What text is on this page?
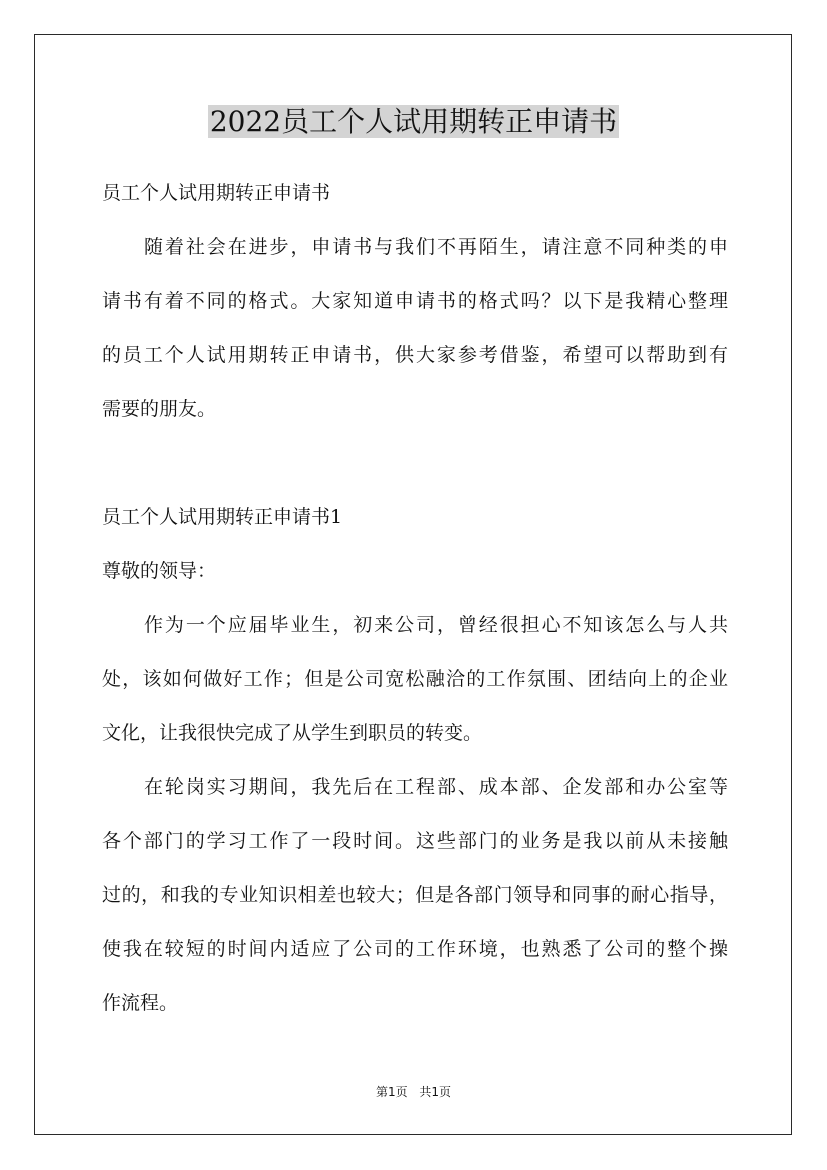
2022员工个人试用期转正申请书
员工个人试用期转正申请书
随着社会在进步，申请书与我们不再陌生，请注意不同种类的申
请书有着不同的格式。大家知道申请书的格式吗？以下是我精心整理
的员工个人试用期转正申请书，供大家参考借鉴，希望可以帮助到有
需要的朋友。
员工个人试用期转正申请书1
尊敬的领导：
作为一个应届毕业生，初来公司，曾经很担心不知该怎么与人共
处，该如何做好工作；但是公司宽松融洽的工作氛围、团结向上的企业
文化，让我很快完成了从学生到职员的转变。
在轮岗实习期间，我先后在工程部、成本部、企发部和办公室等
各个部门的学习工作了一段时间。这些部门的业务是我以前从未接触
过的，和我的专业知识相差也较大；但是各部门领导和同事的耐心指导，
使我在较短的时间内适应了公司的工作环境，也熟悉了公司的整个操
作流程。
第1页 共1页
